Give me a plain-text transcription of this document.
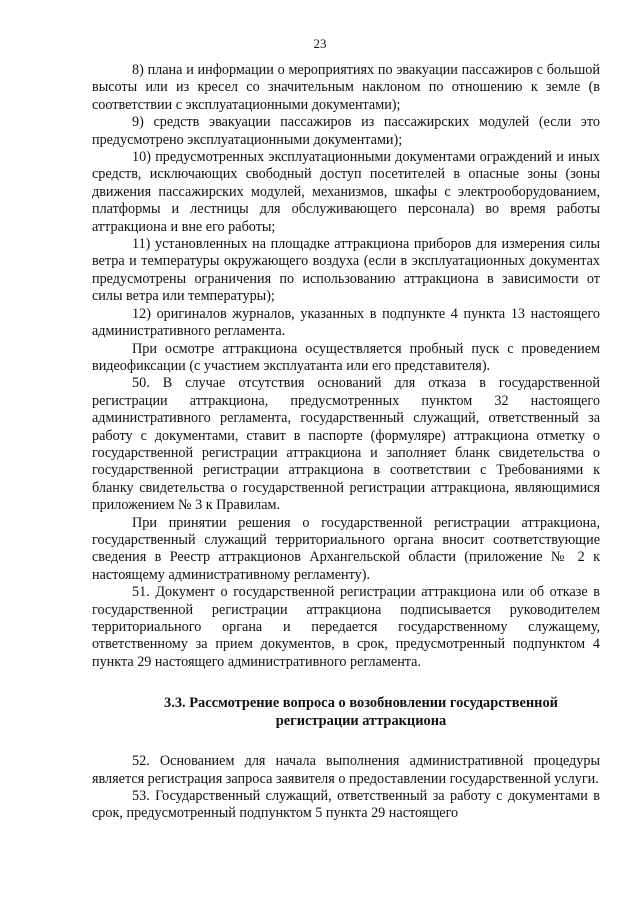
23

8) плана и информации о мероприятиях по эвакуации пассажиров с большой высоты или из кресел со значительным наклоном по отношению к земле (в соответствии с эксплуатационными документами);

9) средств эвакуации пассажиров из пассажирских модулей (если это предусмотрено эксплуатационными документами);

10) предусмотренных эксплуатационными документами ограждений и иных средств, исключающих свободный доступ посетителей в опасные зоны (зоны движения пассажирских модулей, механизмов, шкафы с электрооборудованием, платформы и лестницы для обслуживающего персонала) во время работы аттракциона и вне его работы;

11) установленных на площадке аттракциона приборов для измерения силы ветра и температуры окружающего воздуха (если в эксплуатационных документах предусмотрены ограничения по использованию аттракциона в зависимости от силы ветра или температуры);

12) оригиналов журналов, указанных в подпункте 4 пункта 13 настоящего административного регламента.

При осмотре аттракциона осуществляется пробный пуск с проведением видеофиксации (с участием эксплуатанта или его представителя).

50. В случае отсутствия оснований для отказа в государственной регистрации аттракциона, предусмотренных пунктом 32 настоящего административного регламента, государственный служащий, ответственный за работу с документами, ставит в паспорте (формуляре) аттракциона отметку о государственной регистрации аттракциона и заполняет бланк свидетельства о государственной регистрации аттракциона в соответствии с Требованиями к бланку свидетельства о государственной регистрации аттракциона, являющимися приложением № 3 к Правилам.

При принятии решения о государственной регистрации аттракциона, государственный служащий территориального органа вносит соответствующие сведения в Реестр аттракционов Архангельской области (приложение № 2 к настоящему административному регламенту).

51. Документ о государственной регистрации аттракциона или об отказе в государственной регистрации аттракциона подписывается руководителем территориального органа и передается государственному служащему, ответственному за прием документов, в срок, предусмотренный подпунктом 4 пункта 29 настоящего административного регламента.

3.3. Рассмотрение вопроса о возобновлении государственной
регистрации аттракциона

52. Основанием для начала выполнения административной процедуры является регистрация запроса заявителя о предоставлении государственной услуги.

53. Государственный служащий, ответственный за работу с документами в срок, предусмотренный подпунктом 5 пункта 29 настоящего
